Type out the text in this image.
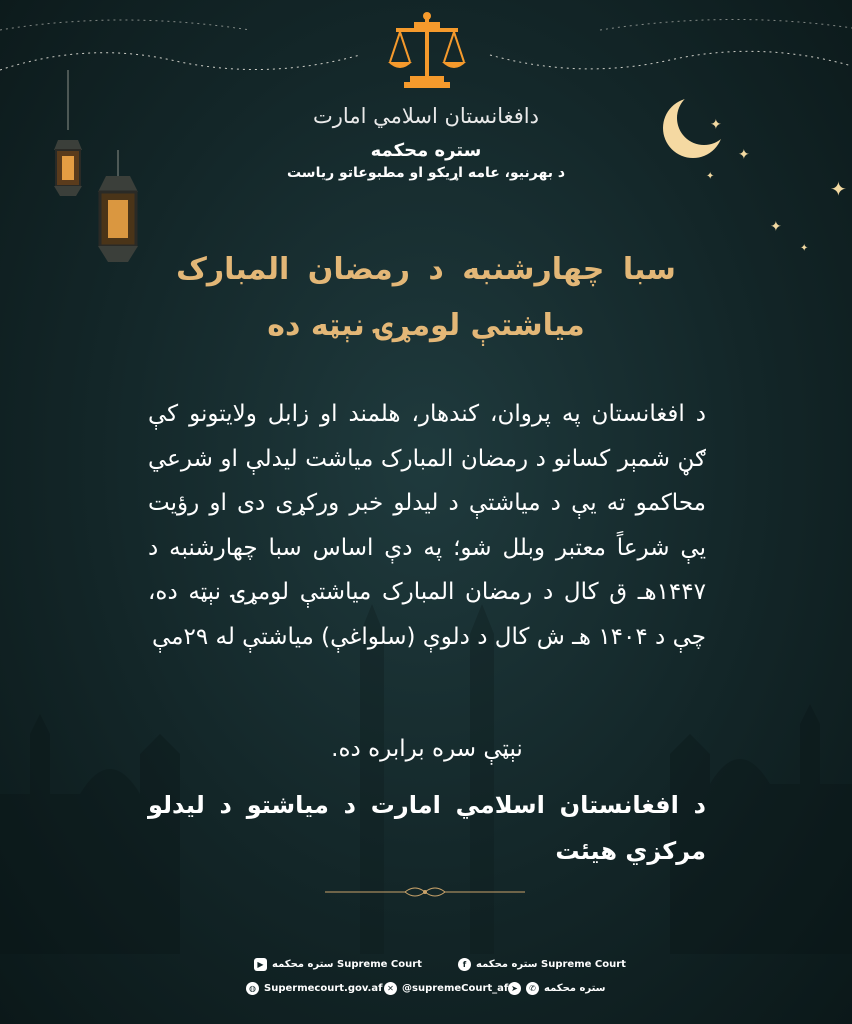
✦
✦
✦
✦
✦
✦
دافغانستان اسلامي امارت
ستره محکمه
د بهرنیو، عامه اړیکو او مطبوعاتو ریاست
سبا چهارشنبه د رمضان المبارک
میاشتې لومړۍ نېټه ده
د افغانستان په پروان، کندهار، هلمند او زابل ولایتونو کې ګڼ شمېر کسانو د رمضان المبارک میاشت لیدلې او شرعي محاکمو ته یې د میاشتې د لیدلو خبر ورکړی دی او رؤیت یې شرعاً معتبر وبلل شو؛ په دې اساس سبا چهارشنبه د ۱۴۴۷هـ ق کال د رمضان المبارک میاشتې لومړۍ نېټه ده، چې د ۱۴۰۴ هـ ش کال د دلوې (سلواغې) میاشتې له ۲۹مې
نېټې سره برابره ده.
د افغانستان اسلامي امارت د میاشتو د لیدلو مرکزي هیئت
▶ ستره محکمه Supreme Court	f ستره محکمه Supreme Court
◍ Supermecourt.gov.af ✕ @supremeCourt_af ➤	✆ ستره محکمه
